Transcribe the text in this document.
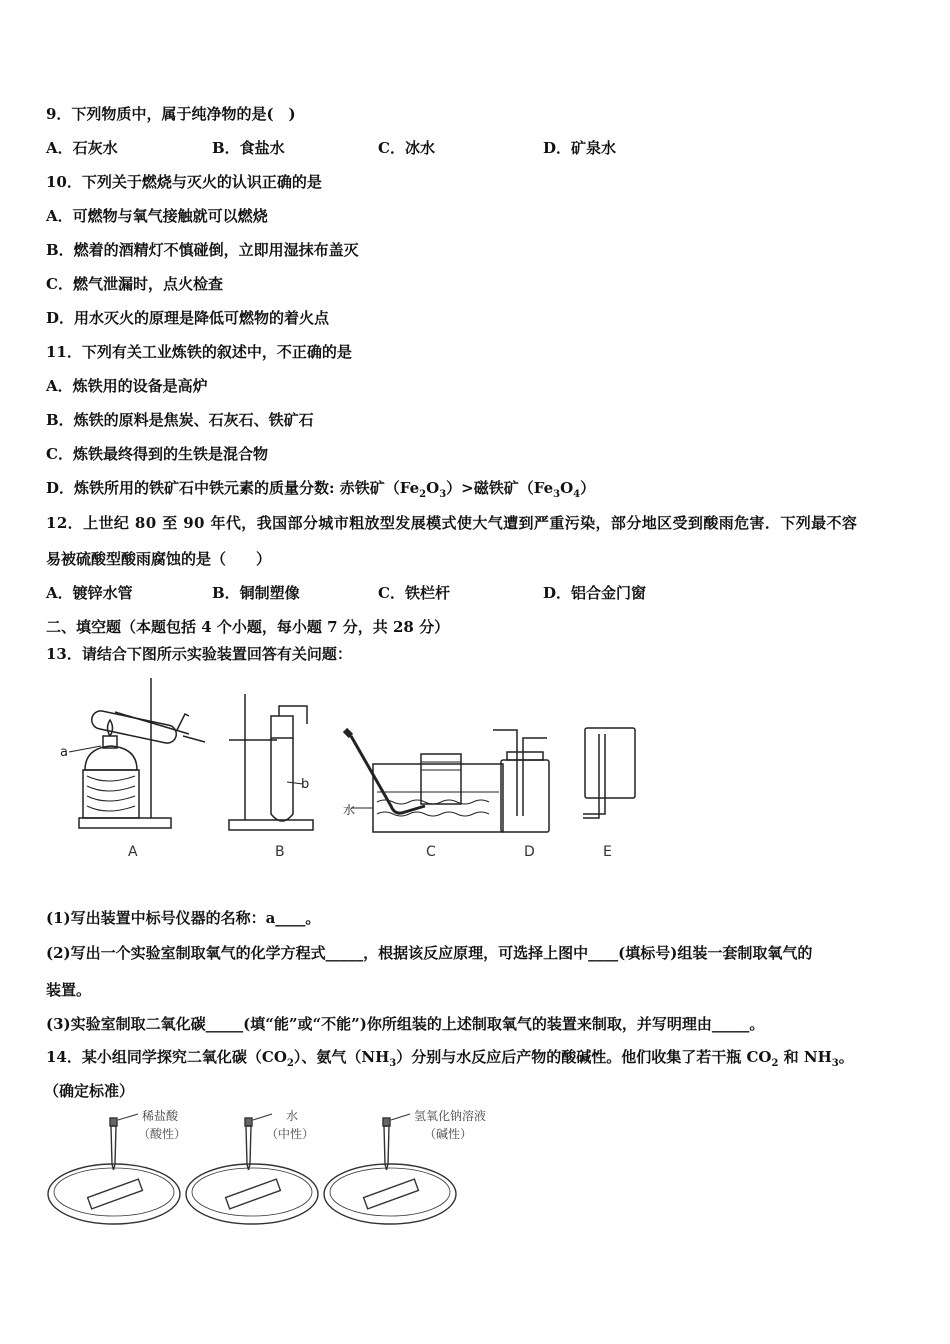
9．下列物质中，属于纯净物的是(　)
A．石灰水	B．食盐水	C．冰水	D．矿泉水
10．下列关于燃烧与灭火的认识正确的是
A．可燃物与氧气接触就可以燃烧
B．燃着的酒精灯不慎碰倒，立即用湿抹布盖灭
C．燃气泄漏时，点火检查
D．用水灭火的原理是降低可燃物的着火点
11．下列有关工业炼铁的叙述中，不正确的是
A．炼铁用的设备是高炉
B．炼铁的原料是焦炭、石灰石、铁矿石
C．炼铁最终得到的生铁是混合物
D．炼铁所用的铁矿石中铁元素的质量分数: 赤铁矿$(Fe_2O_3)>$磁铁矿$(Fe_3O_4)$
12．上世纪 80 至 90 年代，我国部分城市粗放型发展模式使大气遭到严重污染，部分地区受到酸雨危害．下列最不容
易被硫酸型酸雨腐蚀的是（　　）
A．镀锌水管	B．铜制塑像	C．铁栏杆	D．铝合金门窗
二、填空题（本题包括 4 个小题，每小题 7 分，共 28 分）
13．请结合下图所示实验装置回答有关问题：
a
b
水
A	B	C	D	E
(1)写出装置中标号仪器的名称：a____。
(2)写出一个实验室制取氧气的化学方程式_____，根据该反应原理，可选择上图中____(填标号)组装一套制取氧气的
装置。
(3)实验室制取二氧化碳_____(填“能”或“不能”)你所组装的上述制取氧气的装置来制取，并写明理由_____。
14．某小组同学探究二氧化碳$(CO_2)$、氨气$(NH_3)$分别与水反应后产物的酸碱性。他们收集了若干瓶 $CO_2$ 和 $NH_3$。
（确定标准）
稀盐酸
（酸性）
水
（中性）
氢氧化钠溶液
（碱性）
